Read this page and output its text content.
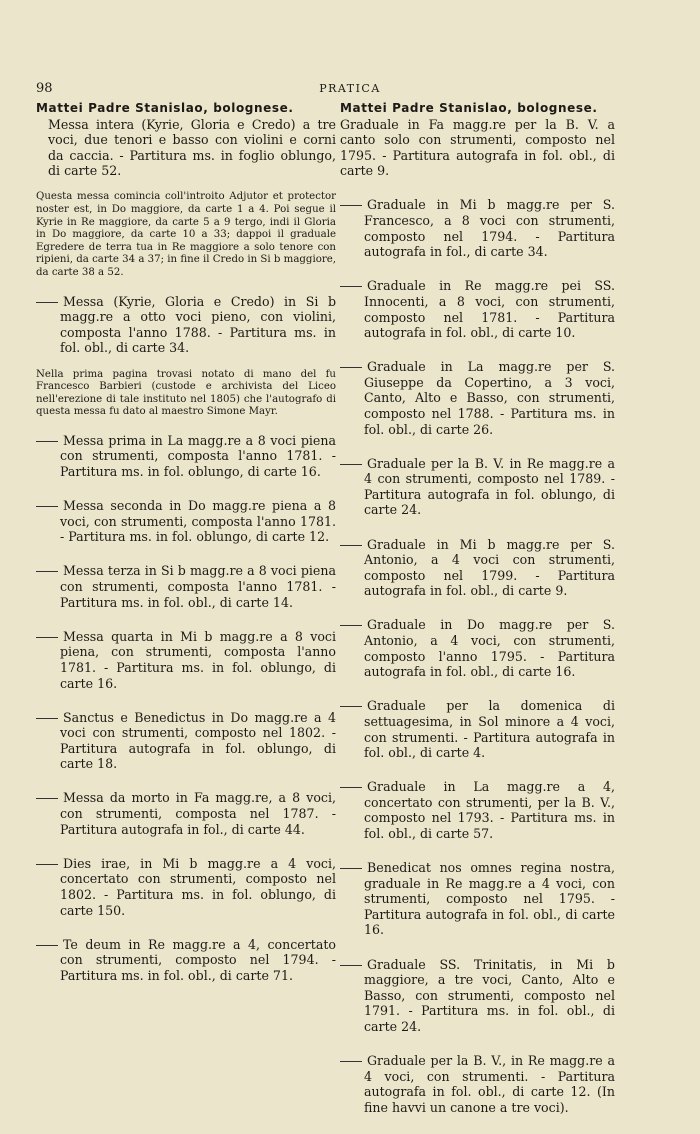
98	PRATICA
Mattei Padre Stanislao, bolognese.
Messa intera (Kyrie, Gloria e Credo) a tre voci, due tenori e basso con violini e corni da caccia. - Partitura ms. in foglio oblungo, di carte 52.
Questa messa comincia coll'introito Adjutor et protector noster est, in Do maggiore, da carte 1 a 4. Poi segue il Kyrie in Re maggiore, da carte 5 a 9 tergo, indi il Gloria in Do maggiore, da carte 10 a 33; dappoi il graduale Egredere de terra tua in Re maggiore a solo tenore con ripieni, da carte 34 a 37; in fine il Credo in Si b maggiore, da carte 38 a 52.
Messa (Kyrie, Gloria e Credo) in Si b magg.re a otto voci pieno, con violini, composta l'anno 1788. - Partitura ms. in fol. obl., di carte 34.
Nella prima pagina trovasi notato di mano del fu Francesco Barbieri (custode e archivista del Liceo nell'erezione di tale instituto nel 1805) che l'autografo di questa messa fu dato al maestro Simone Mayr.
Messa prima in La magg.re a 8 voci piena con strumenti, composta l'anno 1781. - Partitura ms. in fol. oblungo, di carte 16.
Messa seconda in Do magg.re piena a 8 voci, con strumenti, composta l'anno 1781. - Partitura ms. in fol. oblungo, di carte 12.
Messa terza in Si b magg.re a 8 voci piena con strumenti, composta l'anno 1781. - Partitura ms. in fol. obl., di carte 14.
Messa quarta in Mi b magg.re a 8 voci piena, con strumenti, composta l'anno 1781. - Partitura ms. in fol. oblungo, di carte 16.
Sanctus e Benedictus in Do magg.re a 4 voci con strumenti, composto nel 1802. - Partitura autografa in fol. oblungo, di carte 18.
Messa da morto in Fa magg.re, a 8 voci, con strumenti, composta nel 1787. - Partitura autografa in fol., di carte 44.
Dies irae, in Mi b magg.re a 4 voci, concertato con strumenti, composto nel 1802. - Partitura ms. in fol. oblungo, di carte 150.
Te deum in Re magg.re a 4, concertato con strumenti, composto nel 1794. - Partitura ms. in fol. obl., di carte 71.
Mattei Padre Stanislao, bolognese.
Graduale in Fa magg.re per la B. V. a canto solo con strumenti, composto nel 1795. - Partitura autografa in fol. obl., di carte 9.
Graduale in Mi b magg.re per S. Francesco, a 8 voci con strumenti, composto nel 1794. - Partitura autografa in fol., di carte 34.
Graduale in Re magg.re pei SS. Innocenti, a 8 voci, con strumenti, composto nel 1781. - Partitura autografa in fol. obl., di carte 10.
Graduale in La magg.re per S. Giuseppe da Copertino, a 3 voci, Canto, Alto e Basso, con strumenti, composto nel 1788. - Partitura ms. in fol. obl., di carte 26.
Graduale per la B. V. in Re magg.re a 4 con strumenti, composto nel 1789. - Partitura autografa in fol. oblungo, di carte 24.
Graduale in Mi b magg.re per S. Antonio, a 4 voci con strumenti, composto nel 1799. - Partitura autografa in fol. obl., di carte 9.
Graduale in Do magg.re per S. Antonio, a 4 voci, con strumenti, composto l'anno 1795. - Partitura autografa in fol. obl., di carte 16.
Graduale per la domenica di settuagesima, in Sol minore a 4 voci, con strumenti. - Partitura autografa in fol. obl., di carte 4.
Graduale in La magg.re a 4, concertato con strumenti, per la B. V., composto nel 1793. - Partitura ms. in fol. obl., di carte 57.
Benedicat nos omnes regina nostra, graduale in Re magg.re a 4 voci, con strumenti, composto nel 1795. - Partitura autografa in fol. obl., di carte 16.
Graduale SS. Trinitatis, in Mi b maggiore, a tre voci, Canto, Alto e Basso, con strumenti, composto nel 1791. - Partitura ms. in fol. obl., di carte 24.
Graduale per la B. V., in Re magg.re a 4 voci, con strumenti. - Partitura autografa in fol. obl., di carte 12. (In fine havvi un canone a tre voci).
